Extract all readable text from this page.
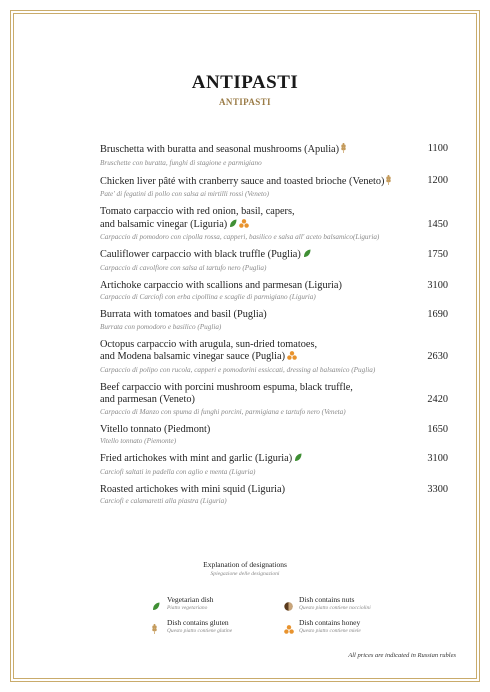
ANTIPASTI
ANTIPASTI
Bruschetta with buratta and seasonal mushrooms (Apulia)	1100
Bruschette con buratta, funghi di stagione e parmigiano
Chicken liver pâté with cranberry sauce and toasted brioche (Veneto)	1200
Pate' di fegatini di pollo con salsa ai mirtilli rossi (Veneto)
Tomato carpaccio with red onion, basil, capers,
and balsamic vinegar (Liguria)	1450
Carpaccio di pomodoro con cipolla rossa, capperi, basilico e salsa all' aceto balsamico(Liguria)
Cauliflower carpaccio with black truffle (Puglia)	1750
Carpaccio di cavolfiore con salsa al tartufo nero (Puglia)
Artichoke carpaccio with scallions and parmesan (Liguria)	3100
Carpaccio di Carciofi con erba cipollina e scaglie di parmigiano (Liguria)
Burrata with tomatoes and basil (Puglia)	1690
Burrata con pomodoro e basilico (Puglia)
Octopus carpaccio with arugula, sun-dried tomatoes,
and Modena balsamic vinegar sauce (Puglia)	2630
Carpaccio di polipo con rucola, capperi e pomodorini essiccati, dressing al balsamico (Puglia)
Beef carpaccio with porcini mushroom espuma, black truffle,
and parmesan (Veneto)	2420
Carpaccio di Manzo con spuma di funghi porcini, parmigiana e tartufo nero (Veneta)
Vitello tonnato (Piedmont)	1650
Vitello tonnato (Piemonte)
Fried artichokes with mint and garlic (Liguria)	3100
Carciofi saltati in padella con aglio e menta (Liguria)
Roasted artichokes with mini squid (Liguria)	3300
Carciofi e calamaretti alla piastra (Liguria)
Explanation of designations
Spiegazione delle designazioni
Vegetarian dish
Piatto vegetariano
Dish contains nuts
Questo piatto contiene nocciolini
Dish contains gluten
Questo piatto contiene glutine
Dish contains honey
Questo piatto contiene miele
All prices are indicated in Russian rubles
